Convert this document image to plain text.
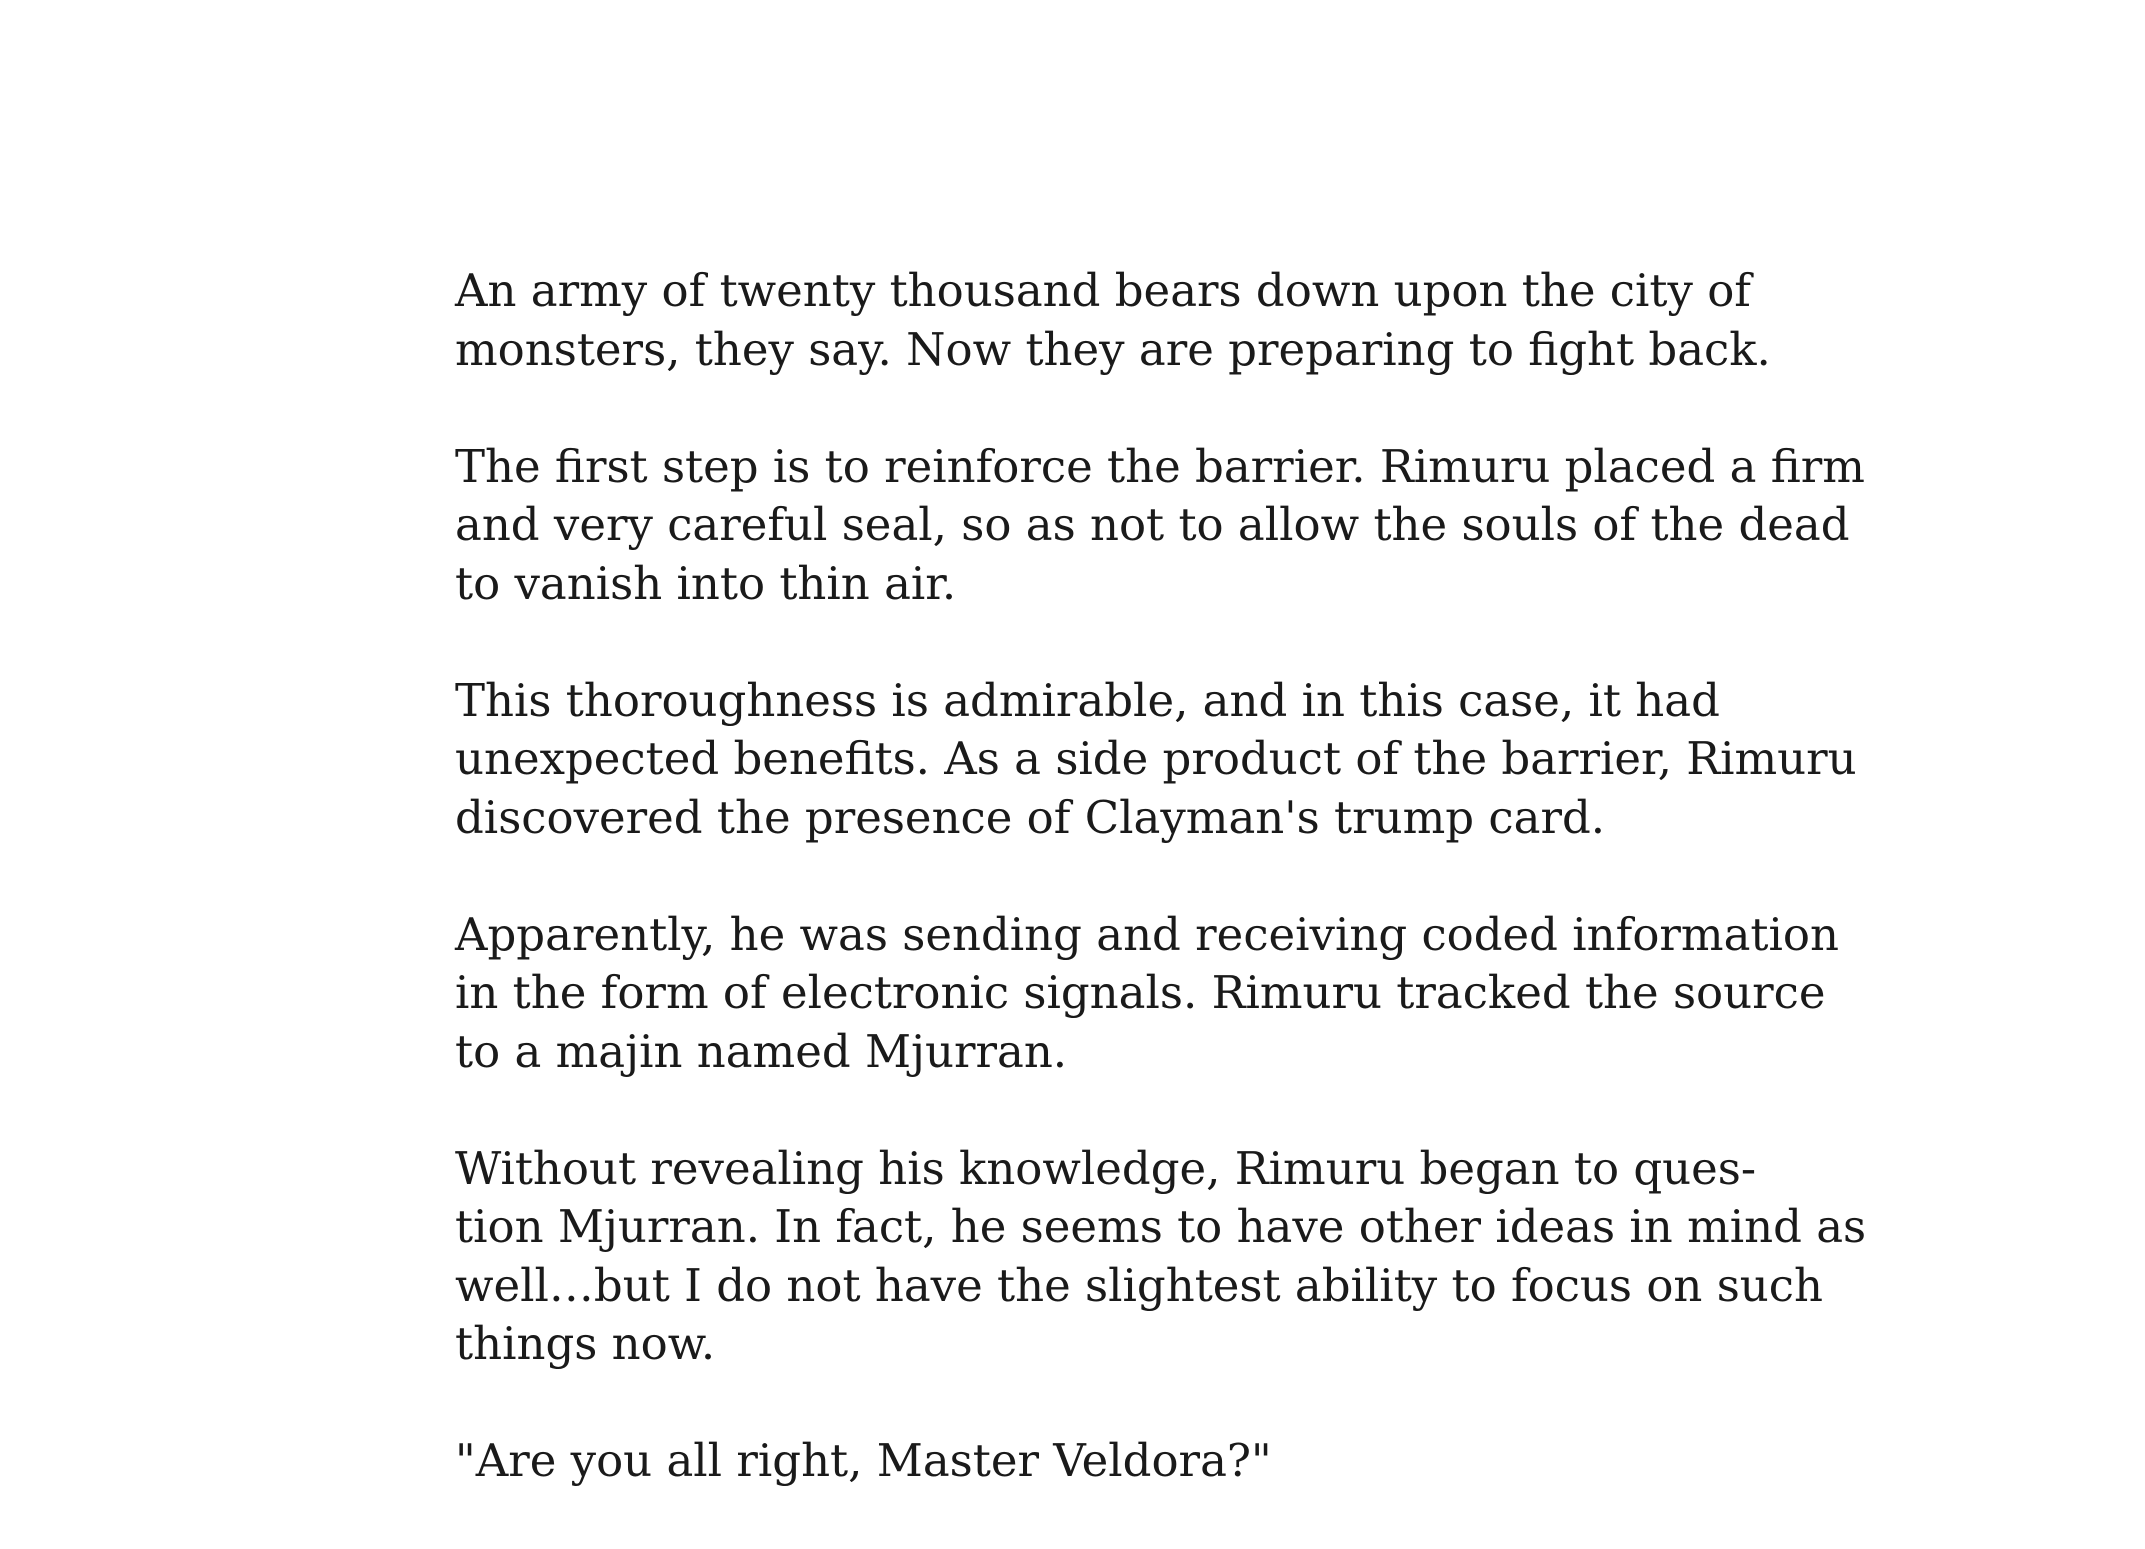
An army of twenty thousand bears down upon the city of
monsters, they say. Now they are preparing to fight back.

The first step is to reinforce the barrier. Rimuru placed a firm
and very careful seal, so as not to allow the souls of the dead
to vanish into thin air.

This thoroughness is admirable, and in this case, it had
unexpected benefits. As a side product of the barrier, Rimuru
discovered the presence of Clayman's trump card.

Apparently, he was sending and receiving coded information
in the form of electronic signals. Rimuru tracked the source
to a majin named Mjurran.

Without revealing his knowledge, Rimuru began to ques-
tion Mjurran. In fact, he seems to have other ideas in mind as
well…but I do not have the slightest ability to focus on such
things now.

"Are you all right, Master Veldora?"
